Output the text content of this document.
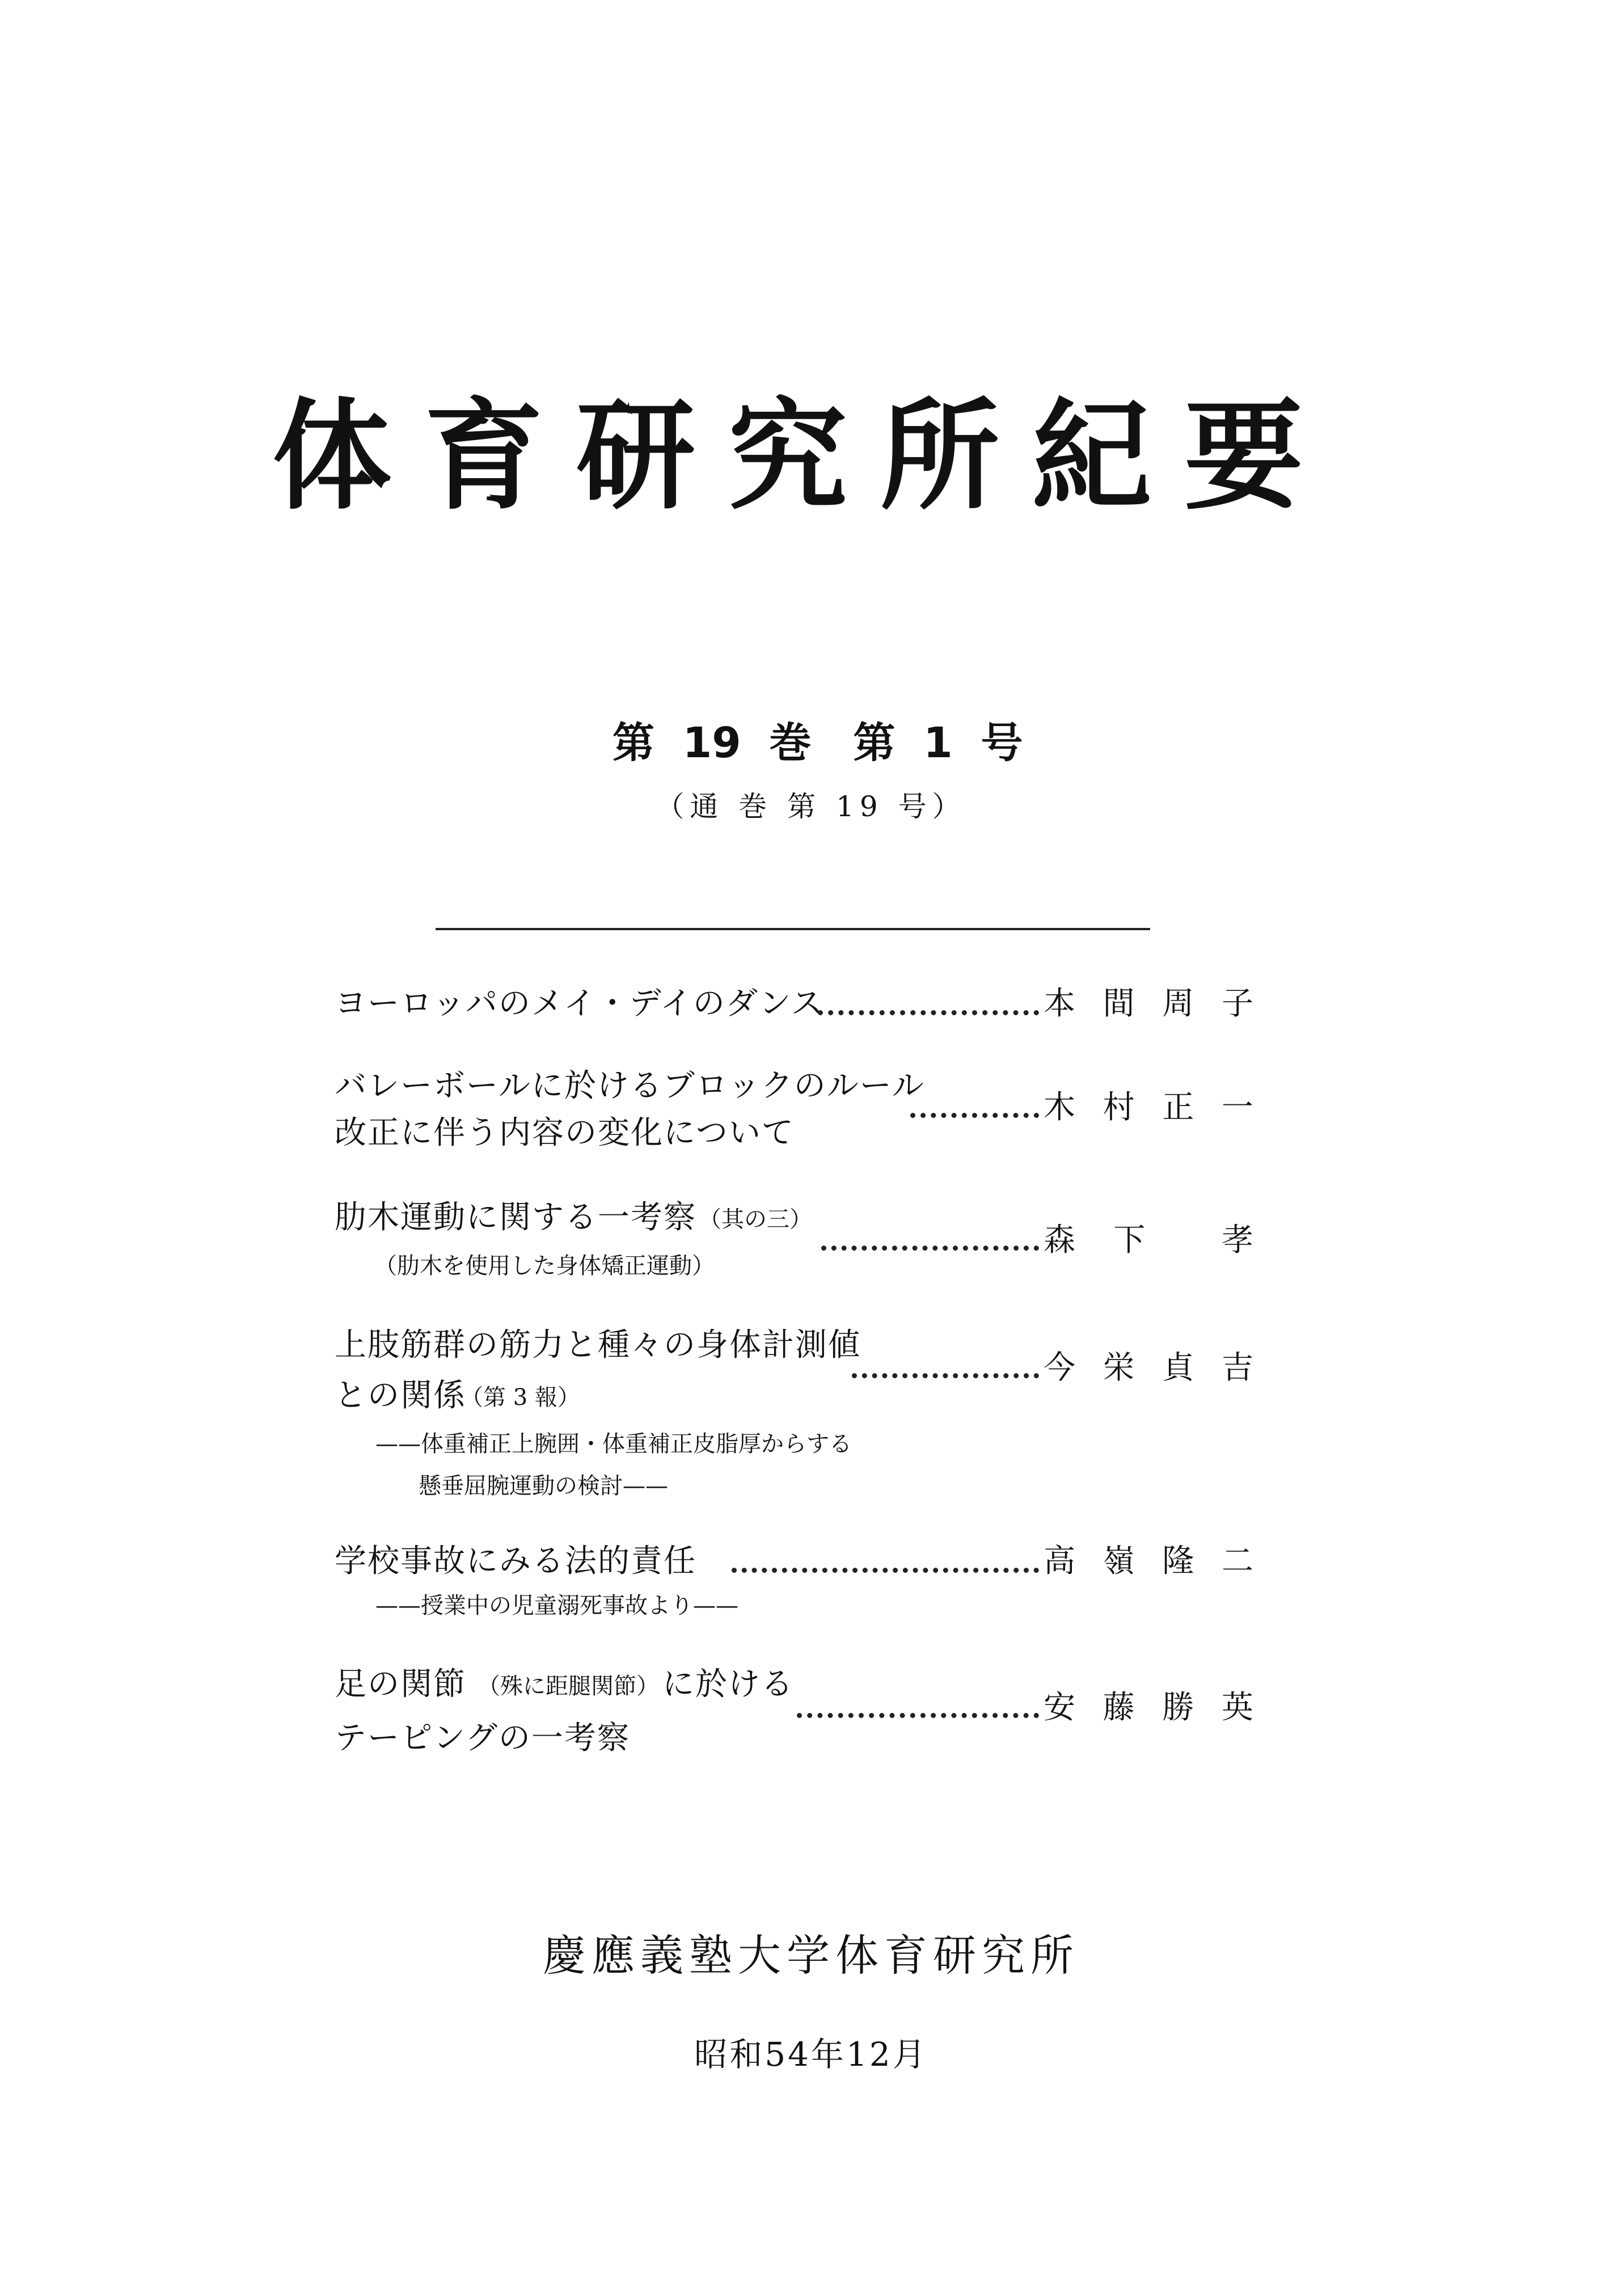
体育研究所紀要
第 19 巻　第 1 号
（通 巻 第 19 号）
ヨーロッパのメイ・デイのダンス	本 間 周 子
バレーボールに於けるブロックのルール
改正に伴う内容の変化について
木 村 正 一
肋木運動に関する一考察 （其の三）
（肋木を使用した身体矯正運動）
森 下 孝
上肢筋群の筋力と種々の身体計測値
との関係
（第 3 報）
——体重補正上腕囲・体重補正皮脂厚からする
懸垂屈腕運動の検討——
今 栄 貞 吉
学校事故にみる法的責任
——授業中の児童溺死事故より——
高 嶺 隆 二
足の関節 （殊に距腿関節） に於ける
テーピングの一考察
安 藤 勝 英
慶應義塾大学体育研究所
昭和54年12月
